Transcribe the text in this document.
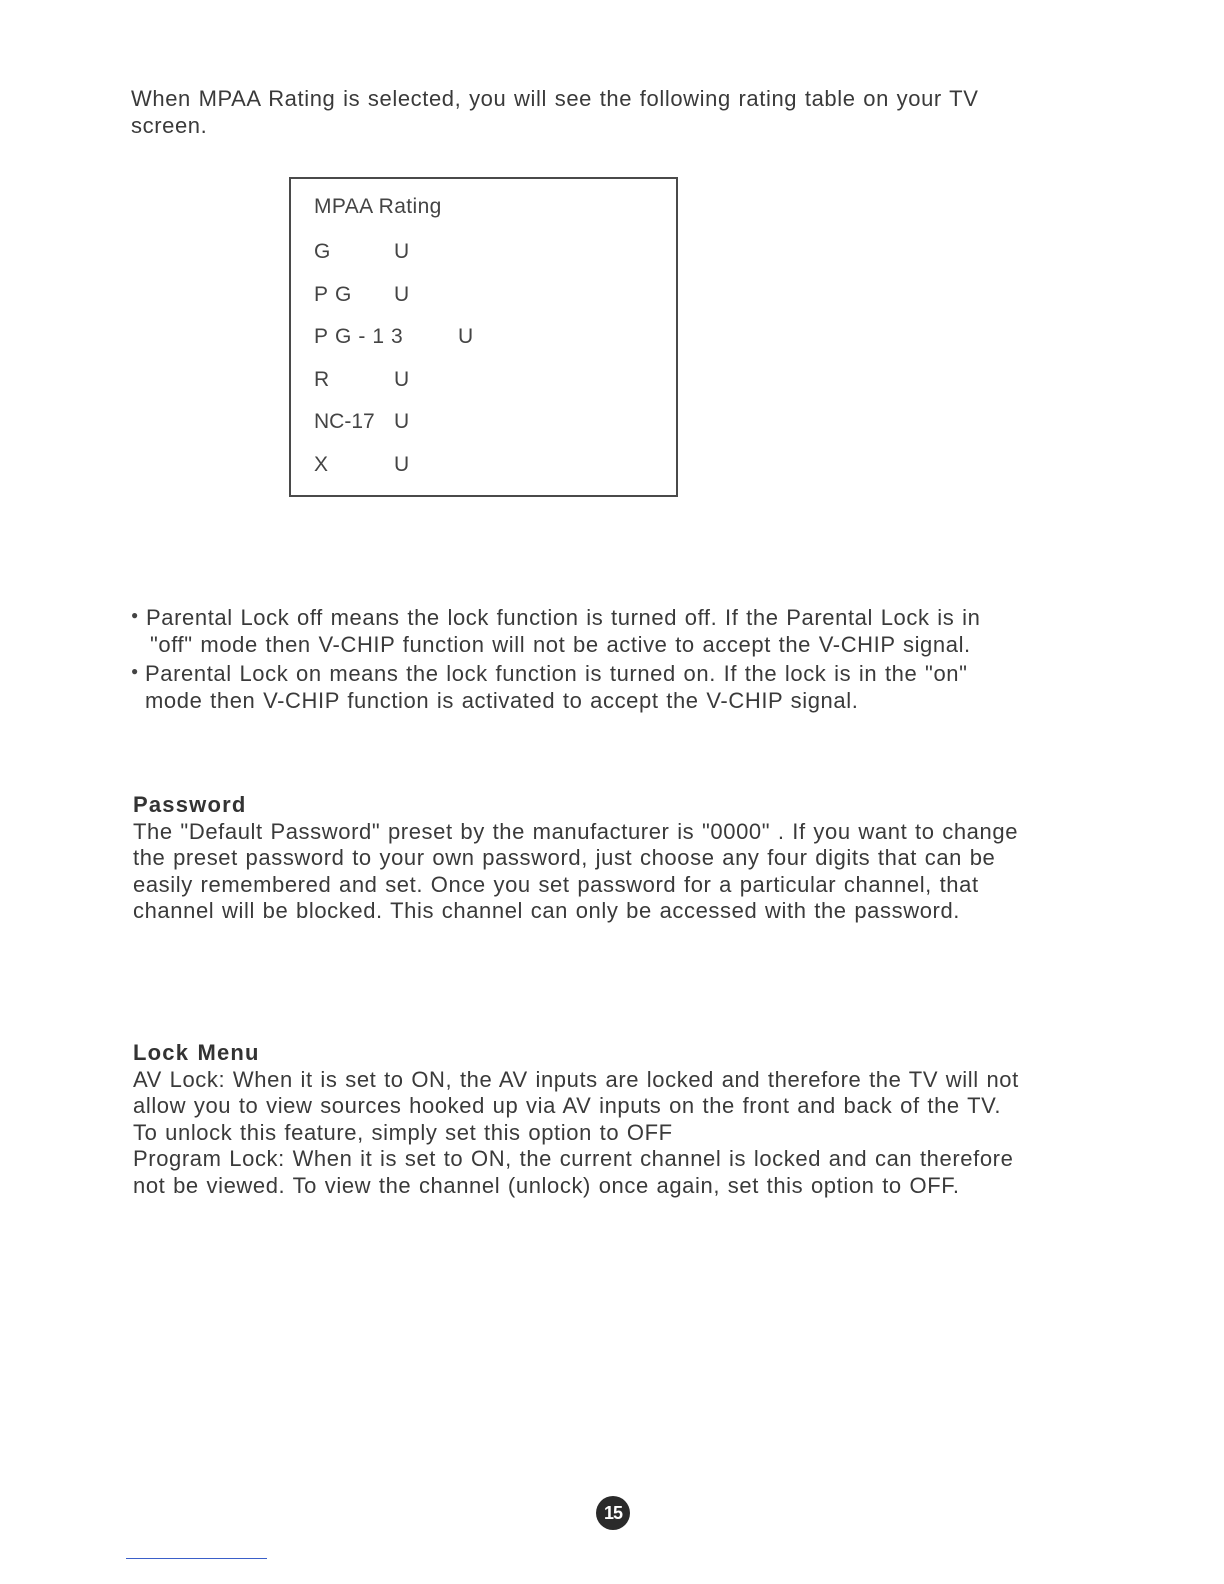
When MPAA Rating is selected, you will see the following rating table on your TV
screen.
MPAA Rating
G	U
PG U
PG-13 U
R	U
NC-17 U
X	U
● Parental Lock off means the lock function is turned off. If the Parental Lock is in
"off" mode then V-CHIP function will not be active to accept the V-CHIP signal.
● Parental Lock on means the lock function is turned on. If the lock is in the "on"
mode then V-CHIP function is activated to accept the V-CHIP signal.
Password
The "Default Password" preset by the manufacturer is "0000" . If you want to change
the preset password to your own password, just choose any four digits that can be
easily remembered and set. Once you set password for a particular channel, that
channel will be blocked. This channel can only be accessed with the password.
Lock Menu
AV Lock: When it is set to ON, the AV inputs are locked and therefore the TV will not
allow you to view sources hooked up via AV inputs on the front and back of the TV.
To unlock this feature, simply set this option to OFF
Program Lock: When it is set to ON, the current channel is locked and can therefore
not be viewed. To view the channel (unlock) once again, set this option to OFF.
15
